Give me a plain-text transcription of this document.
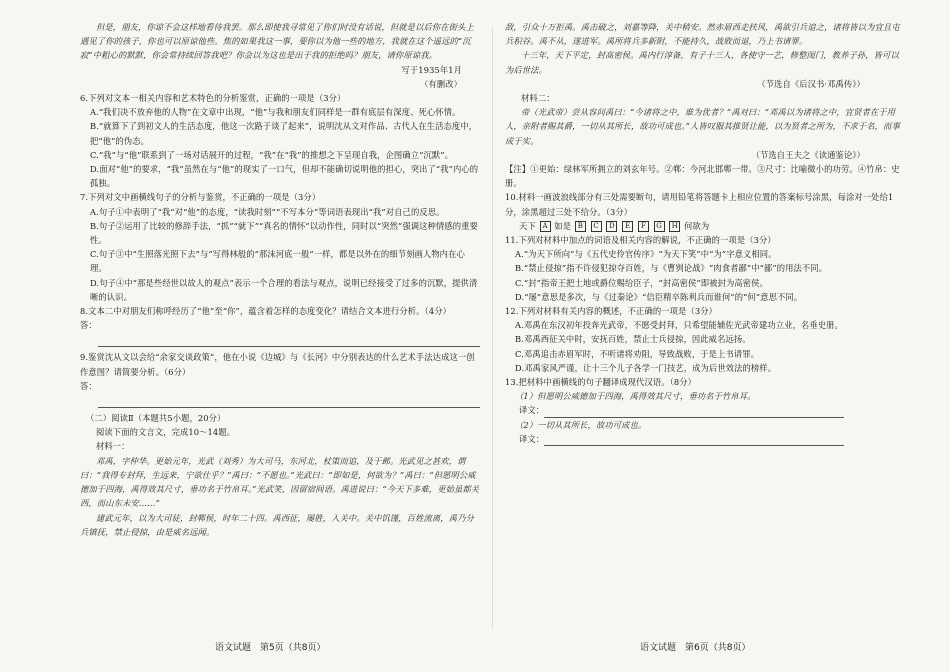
但是，朋友，你谅不会这样地看待我罢。那么即使我寻常见了你们时没有话说，但就是以后你在街头上遇见了你的孩子，你也可以原谅他些。焦的如果我这一事，要你以为他一些的地方，我就在这个遥远的“沉寂”中粗心的默默，你会常持续回答我吧？你会以为这也是出于我的拒绝吗？朋友，请你原谅我。

写于1935年1月

（有删改）

6.下列对文本一相关内容和艺术特色的分析鉴赏，正确的一项是（3分）

A.“我们决不放弃他的人物”在文章中出现，“他”与我和朋友们同样是一群有底层有深度、死心怀情。

B.“就算下了到初文人的生活态度，他这一次路于谈了起来”，说明沈从文对作品、古代人在生活态度中，把“他”的伪态。

C.“我”与“他”联系到了一场对话展开的过程，“我”在“我”的推想之下呈现自我，企图确立“沉默”。

D.面对“他”的要求，“我”虽然在与“他”的现实了一口气，但却不能确切说明他的担心，突出了“我”内心的孤独。

7.下列对文中画横线句子的分析与鉴赏，不正确的一项是（3分）

A.句子①中表明了“我”对“他”的态度，“读我时刻”“不写本分”等词语表现出“我”对自己的反思。

B.句子②运用了比较的修辞手法，“抓”“就下”“真名的情怀”以动作性，同时以“突然”强调这种情感的重要性。

C.句子③中“生照落光照下去”与“写得林般的“那沫河底一般”一样，都是以外在的细节刻画人物内在心理。

D.句子④中“那是些经世以故人的观点”表示一个合理的看法与观点，说明已经接受了过多的沉默，提供清晰的认识。

8.文本二中对朋友们称呼经历了“他”至“你”，蕴含着怎样的态度变化？请结合文本进行分析。（4分）

答：

9.鉴赏沈从文以会给“余家交谈政策”，他在小说《边城》与《长河》中分别表达的什么艺术手法达成这一创作意图？请简要分析。（6分）

答：

（二）阅读Ⅱ（本题共5小题，20分）

阅读下面的文言文，完成10～14题。

材料一：

邓禹，字仲华。更始元年，光武（刘秀）为大司马，东河北，杖策而追，及于邺。光武见之甚欢，谓曰：“我得专封拜，生远来，宁欲仕乎？”禹曰：“不愿也。”光武曰：“即如是，何欲为？”禹曰：“但愿明公威德加于四海，禹得效其尺寸，垂功名于竹帛耳。”光武笑，因留宿间语。禹进说曰：“今天下多难，更始虽都关西，而山东未安……”

建武元年，以为大司徒，封郸侯，时年二十四。禹西征，屡胜，入关中。关中饥馑，百姓流离，禹乃分兵镇抚，禁止侵掠，由是威名远闻。

敌，引众十万拒禹。禹击破之，刘嘉等降，关中稍安。然赤眉西走扶风，禹欲引兵追之，诸将皆以为宜且屯兵积谷。禹不从，遂进军。禹所将兵多新附，不能持久，战败而退，乃上书请罪。

十三年，天下平定，封高密侯。禹内行淳备，有子十三人，各使守一艺，修整闺门，教养子孙，皆可以为后世法。

（节选自《后汉书·邓禹传》）

材料二：

帝（光武帝）尝从容问禹曰：“今诸将之中，谁为优者？”禹对曰：“邓禹以为诸将之中，宜贤者在于用人，亲附者赐其爵，一切从其所长，故功可成也。”人皆叹服其推贤让能，以为贤者之所为，不求于名，而事成于实。

（节选自王夫之《读通鉴论》）

【注】①更始：绿林军所拥立的刘玄年号。②郸：今河北邯郸一带。③尺寸：比喻微小的功劳。④竹帛：史册。

10.材料一画波浪线部分有三处需要断句，请用铅笔将答题卡上相应位置的答案标号涂黑，每涂对一处给1分，涂黑超过三处不给分。（3分）

天下 A 如是 B C D E F G H 何欲为

11.下列对材料中加点的词语及相关内容的解说，不正确的一项是（3分）

A.“为天下所向”与《五代史伶官传序》“为天下笑”中“为”字意义相同。

B.“禁止侵掠”指不许侵犯掠夺百姓，与《曹刿论战》“肉食者鄙”中“鄙”的用法不同。

C.“封”指帝王把土地或爵位赐给臣子，“封高密侯”即被封为高密侯。

D.“屡”意思是多次，与《过秦论》“信臣精卒陈利兵而谁何”的“何”意思不同。

12.下列对材料有关内容的概述，不正确的一项是（3分）

A.邓禹在东汉初年投奔光武帝，不愿受封拜，只希望能辅佐光武帝建功立业，名垂史册。

B.邓禹西征关中时，安抚百姓，禁止士兵侵掠，因此威名远扬。

C.邓禹追击赤眉军时，不听诸将劝阻，导致战败，于是上书请罪。

D.邓禹家风严谨，让十三个儿子各学一门技艺，成为后世效法的榜样。

13.把材料中画横线的句子翻译成现代汉语。（8分）

（1）但愿明公威德加于四海，禹得效其尺寸，垂功名于竹帛耳。

译文：

（2）一切从其所长，故功可成也。

译文：

语文试题　第5页（共8页）	语文试题　第6页（共8页）
